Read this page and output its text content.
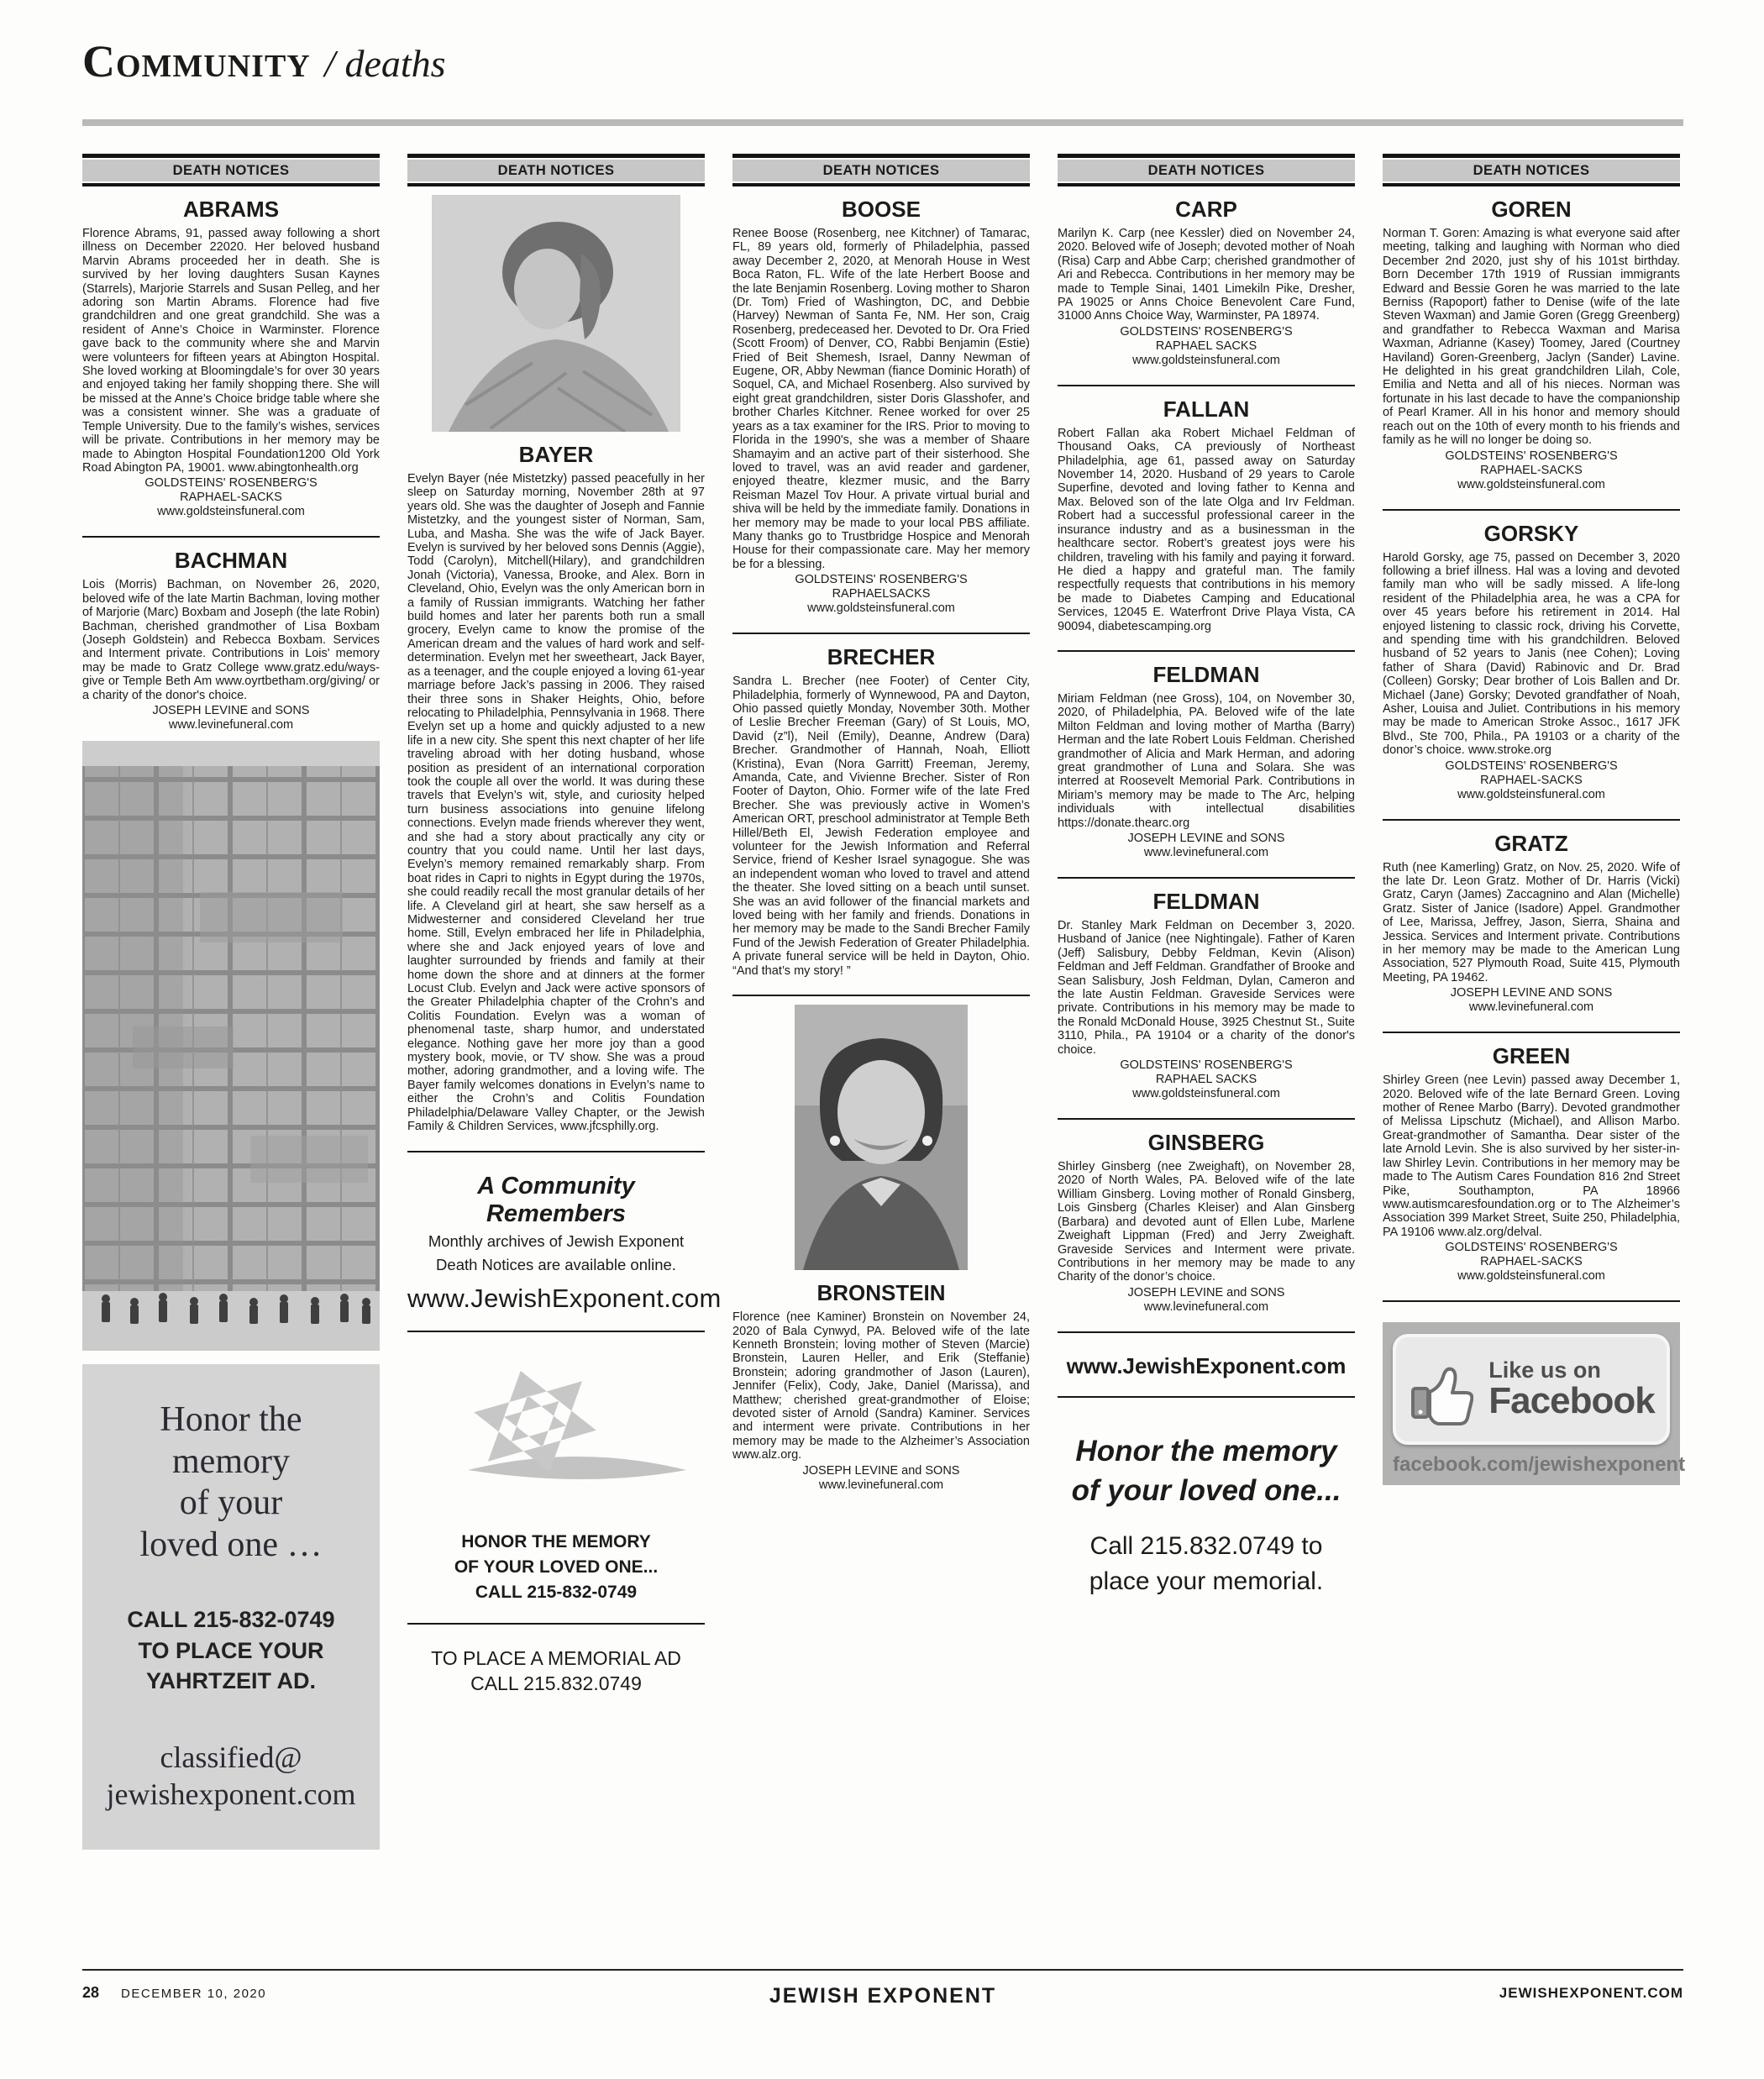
Community / deaths
DEATH NOTICES
ABRAMS
Florence Abrams, 91, passed away following a short illness on December 22020. Her beloved husband Marvin Abrams proceeded her in death. She is survived by her loving daughters Susan Kaynes (Starrels), Marjorie Starrels and Susan Pelleg, and her adoring son Martin Abrams. Florence had five grandchildren and one great grandchild. She was a resident of Anne’s Choice in Warminster. Florence gave back to the community where she and Marvin were volunteers for fifteen years at Abington Hospital. She loved working at Bloomingdale’s for over 30 years and enjoyed taking her family shopping there. She will be missed at the Anne’s Choice bridge table where she was a consistent winner. She was a graduate of Temple University. Due to the family’s wishes, services will be private. Contributions in her memory may be made to Abington Hospital Foundation1200 Old York Road Abington PA, 19001. www.abingtonhealth.org
GOLDSTEINS' ROSENBERG'S
RAPHAEL-SACKS
www.goldsteinsfuneral.com
BACHMAN
Lois (Morris) Bachman, on November 26, 2020, beloved wife of the late Martin Bachman, loving mother of Marjorie (Marc) Boxbam and Joseph (the late Robin) Bachman, cherished grandmother of Lisa Boxbam (Joseph Goldstein) and Rebecca Boxbam. Services and Interment private. Contributions in Lois' memory may be made to Gratz College www.gratz.edu/ways-give or Temple Beth Am www.oyrtbetham.org/giving/ or a charity of the donor's choice.
JOSEPH LEVINE and SONS
www.levinefuneral.com
Honor the
memory
of your
loved one …
CALL 215-832-0749
TO PLACE YOUR
YAHRTZEIT AD.
classified@
jewishexponent.com
DEATH NOTICES
BAYER
Evelyn Bayer (née Mistetzky) passed peacefully in her sleep on Saturday morning, November 28th at 97 years old. She was the daughter of Joseph and Fannie Mistetzky, and the youngest sister of Norman, Sam, Luba, and Masha. She was the wife of Jack Bayer. Evelyn is survived by her beloved sons Dennis (Aggie), Todd (Carolyn), Mitchell(Hilary), and grandchildren Jonah (Victoria), Vanessa, Brooke, and Alex. Born in Cleveland, Ohio, Evelyn was the only American born in a family of Russian immigrants. Watching her father build homes and later her parents both run a small grocery, Evelyn came to know the promise of the American dream and the values of hard work and self-determination. Evelyn met her sweetheart, Jack Bayer, as a teenager, and the couple enjoyed a loving 61-year marriage before Jack’s passing in 2006. They raised their three sons in Shaker Heights, Ohio, before relocating to Philadelphia, Pennsylvania in 1968. There Evelyn set up a home and quickly adjusted to a new life in a new city. She spent this next chapter of her life traveling abroad with her doting husband, whose position as president of an international corporation took the couple all over the world. It was during these travels that Evelyn’s wit, style, and curiosity helped turn business associations into genuine lifelong connections. Evelyn made friends wherever they went, and she had a story about practically any city or country that you could name. Until her last days, Evelyn’s memory remained remarkably sharp. From boat rides in Capri to nights in Egypt during the 1970s, she could readily recall the most granular details of her life. A Cleveland girl at heart, she saw herself as a Midwesterner and considered Cleveland her true home. Still, Evelyn embraced her life in Philadelphia, where she and Jack enjoyed years of love and laughter surrounded by friends and family at their home down the shore and at dinners at the former Locust Club. Evelyn and Jack were active sponsors of the Greater Philadelphia chapter of the Crohn’s and Colitis Foundation. Evelyn was a woman of phenomenal taste, sharp humor, and understated elegance. Nothing gave her more joy than a good mystery book, movie, or TV show. She was a proud mother, adoring grandmother, and a loving wife. The Bayer family welcomes donations in Evelyn’s name to either the Crohn’s and Colitis Foundation Philadelphia/Delaware Valley Chapter, or the Jewish Family & Children Services, www.jfcsphilly.org.
A Community Remembers
Monthly archives of Jewish Exponent
Death Notices are available online.
www.JewishExponent.com
HONOR THE MEMORY
OF YOUR LOVED ONE...
CALL 215-832-0749
TO PLACE A MEMORIAL AD
CALL 215.832.0749
DEATH NOTICES
BOOSE
Renee Boose (Rosenberg, nee Kitchner) of Tamarac, FL, 89 years old, formerly of Philadelphia, passed away December 2, 2020, at Menorah House in West Boca Raton, FL. Wife of the late Herbert Boose and the late Benjamin Rosenberg. Loving mother to Sharon (Dr. Tom) Fried of Washington, DC, and Debbie (Harvey) Newman of Santa Fe, NM. Her son, Craig Rosenberg, predeceased her. Devoted to Dr. Ora Fried (Scott Froom) of Denver, CO, Rabbi Benjamin (Estie) Fried of Beit Shemesh, Israel, Danny Newman of Eugene, OR, Abby Newman (fiance Dominic Horath) of Soquel, CA, and Michael Rosenberg. Also survived by eight great grandchildren, sister Doris Glasshofer, and brother Charles Kitchner. Renee worked for over 25 years as a tax examiner for the IRS. Prior to moving to Florida in the 1990's, she was a member of Shaare Shamayim and an active part of their sisterhood. She loved to travel, was an avid reader and gardener, enjoyed theatre, klezmer music, and the Barry Reisman Mazel Tov Hour. A private virtual burial and shiva will be held by the immediate family. Donations in her memory may be made to your local PBS affiliate. Many thanks go to Trustbridge Hospice and Menorah House for their compassionate care. May her memory be for a blessing.
GOLDSTEINS' ROSENBERG'S
RAPHAELSACKS
www.goldsteinsfuneral.com
BRECHER
Sandra L. Brecher (nee Footer) of Center City, Philadelphia, formerly of Wynnewood, PA and Dayton, Ohio passed quietly Monday, November 30th. Mother of Leslie Brecher Freeman (Gary) of St Louis, MO, David (z”l), Neil (Emily), Deanne, Andrew (Dara) Brecher. Grandmother of Hannah, Noah, Elliott (Kristina), Evan (Nora Garritt) Freeman, Jeremy, Amanda, Cate, and Vivienne Brecher. Sister of Ron Footer of Dayton, Ohio. Former wife of the late Fred Brecher. She was previously active in Women’s American ORT, preschool administrator at Temple Beth Hillel/Beth El, Jewish Federation employee and volunteer for the Jewish Information and Referral Service, friend of Kesher Israel synagogue. She was an independent woman who loved to travel and attend the theater. She loved sitting on a beach until sunset. She was an avid follower of the financial markets and loved being with her family and friends. Donations in her memory may be made to the Sandi Brecher Family Fund of the Jewish Federation of Greater Philadelphia. A private funeral service will be held in Dayton, Ohio. “And that’s my story! ”
BRONSTEIN
Florence (nee Kaminer) Bronstein on November 24, 2020 of Bala Cynwyd, PA. Beloved wife of the late Kenneth Bronstein; loving mother of Steven (Marcie) Bronstein, Lauren Heller, and Erik (Steffanie) Bronstein; adoring grandmother of Jason (Lauren), Jennifer (Felix), Cody, Jake, Daniel (Marissa), and Matthew; cherished great-grandmother of Eloise; devoted sister of Arnold (Sandra) Kaminer. Services and interment were private. Contributions in her memory may be made to the Alzheimer’s Association www.alz.org.
JOSEPH LEVINE and SONS
www.levinefuneral.com
DEATH NOTICES
CARP
Marilyn K. Carp (nee Kessler) died on November 24, 2020. Beloved wife of Joseph; devoted mother of Noah (Risa) Carp and Abbe Carp; cherished grandmother of Ari and Rebecca. Contributions in her memory may be made to Temple Sinai, 1401 Limekiln Pike, Dresher, PA 19025 or Anns Choice Benevolent Care Fund, 31000 Anns Choice Way, Warminster, PA 18974.
GOLDSTEINS' ROSENBERG'S
RAPHAEL SACKS
www.goldsteinsfuneral.com
FALLAN
Robert Fallan aka Robert Michael Feldman of Thousand Oaks, CA previously of Northeast Philadelphia, age 61, passed away on Saturday November 14, 2020. Husband of 29 years to Carole Superfine, devoted and loving father to Kenna and Max. Beloved son of the late Olga and Irv Feldman. Robert had a successful professional career in the insurance industry and as a businessman in the healthcare sector. Robert’s greatest joys were his children, traveling with his family and paying it forward. He died a happy and grateful man. The family respectfully requests that contributions in his memory be made to Diabetes Camping and Educational Services, 12045 E. Waterfront Drive Playa Vista, CA 90094, diabetescamping.org
FELDMAN
Miriam Feldman (nee Gross), 104, on November 30, 2020, of Philadelphia, PA. Beloved wife of the late Milton Feldman and loving mother of Martha (Barry) Herman and the late Robert Louis Feldman. Cherished grandmother of Alicia and Mark Herman, and adoring great grandmother of Luna and Solara. She was interred at Roosevelt Memorial Park. Contributions in Miriam’s memory may be made to The Arc, helping individuals with intellectual disabilities https://donate.thearc.org
JOSEPH LEVINE and SONS
www.levinefuneral.com
FELDMAN
Dr. Stanley Mark Feldman on December 3, 2020. Husband of Janice (nee Nightingale). Father of Karen (Jeff) Salisbury, Debby Feldman, Kevin (Alison) Feldman and Jeff Feldman. Grandfather of Brooke and Sean Salisbury, Josh Feldman, Dylan, Cameron and the late Austin Feldman. Graveside Services were private. Contributions in his memory may be made to the Ronald McDonald House, 3925 Chestnut St., Suite 3110, Phila., PA 19104 or a charity of the donor's choice.
GOLDSTEINS' ROSENBERG'S
RAPHAEL SACKS
www.goldsteinsfuneral.com
GINSBERG
Shirley Ginsberg (nee Zweighaft), on November 28, 2020 of North Wales, PA. Beloved wife of the late William Ginsberg. Loving mother of Ronald Ginsberg, Lois Ginsberg (Charles Kleiser) and Alan Ginsberg (Barbara) and devoted aunt of Ellen Lube, Marlene Zweighaft Lippman (Fred) and Jerry Zweighaft. Graveside Services and Interment were private. Contributions in her memory may be made to any Charity of the donor’s choice.
JOSEPH LEVINE and SONS
www.levinefuneral.com
www.JewishExponent.com
Honor the memory
of your loved one...
Call 215.832.0749 to
place your memorial.
DEATH NOTICES
GOREN
Norman T. Goren: Amazing is what everyone said after meeting, talking and laughing with Norman who died December 2nd 2020, just shy of his 101st birthday. Born December 17th 1919 of Russian immigrants Edward and Bessie Goren he was married to the late Berniss (Rapoport) father to Denise (wife of the late Steven Waxman) and Jamie Goren (Gregg Greenberg) and grandfather to Rebecca Waxman and Marisa Waxman, Adrianne (Kasey) Toomey, Jared (Courtney Haviland) Goren-Greenberg, Jaclyn (Sander) Lavine. He delighted in his great grandchildren Lilah, Cole, Emilia and Netta and all of his nieces. Norman was fortunate in his last decade to have the companionship of Pearl Kramer. All in his honor and memory should reach out on the 10th of every month to his friends and family as he will no longer be doing so.
GOLDSTEINS' ROSENBERG'S
RAPHAEL-SACKS
www.goldsteinsfuneral.com
GORSKY
Harold Gorsky, age 75, passed on December 3, 2020 following a brief illness. Hal was a loving and devoted family man who will be sadly missed. A life-long resident of the Philadelphia area, he was a CPA for over 45 years before his retirement in 2014. Hal enjoyed listening to classic rock, driving his Corvette, and spending time with his grandchildren. Beloved husband of 52 years to Janis (nee Cohen); Loving father of Shara (David) Rabinovic and Dr. Brad (Colleen) Gorsky; Dear brother of Lois Ballen and Dr. Michael (Jane) Gorsky; Devoted grandfather of Noah, Asher, Louisa and Juliet. Contributions in his memory may be made to American Stroke Assoc., 1617 JFK Blvd., Ste 700, Phila., PA 19103 or a charity of the donor’s choice. www.stroke.org
GOLDSTEINS' ROSENBERG'S
RAPHAEL-SACKS
www.goldsteinsfuneral.com
GRATZ
Ruth (nee Kamerling) Gratz, on Nov. 25, 2020. Wife of the late Dr. Leon Gratz. Mother of Dr. Harris (Vicki) Gratz, Caryn (James) Zaccagnino and Alan (Michelle) Gratz. Sister of Janice (Isadore) Appel. Grandmother of Lee, Marissa, Jeffrey, Jason, Sierra, Shaina and Jessica. Services and Interment private. Contributions in her memory may be made to the American Lung Association, 527 Plymouth Road, Suite 415, Plymouth Meeting, PA 19462.
JOSEPH LEVINE AND SONS
www.levinefuneral.com
GREEN
Shirley Green (nee Levin) passed away December 1, 2020. Beloved wife of the late Bernard Green. Loving mother of Renee Marbo (Barry). Devoted grandmother of Melissa Lipschutz (Michael), and Allison Marbo. Great-grandmother of Samantha. Dear sister of the late Arnold Levin. She is also survived by her sister-in-law Shirley Levin. Contributions in her memory may be made to The Autism Cares Foundation 816 2nd Street Pike, Southampton, PA 18966 www.autismcaresfoundation.org or to The Alzheimer’s Association 399 Market Street, Suite 250, Philadelphia, PA 19106 www.alz.org/delval.
GOLDSTEINS' ROSENBERG'S
RAPHAEL-SACKS
www.goldsteinsfuneral.com
Like us on
Facebook
facebook.com/jewishexponent
28 DECEMBER 10, 2020	JEWISH EXPONENT	JEWISHEXPONENT.COM
